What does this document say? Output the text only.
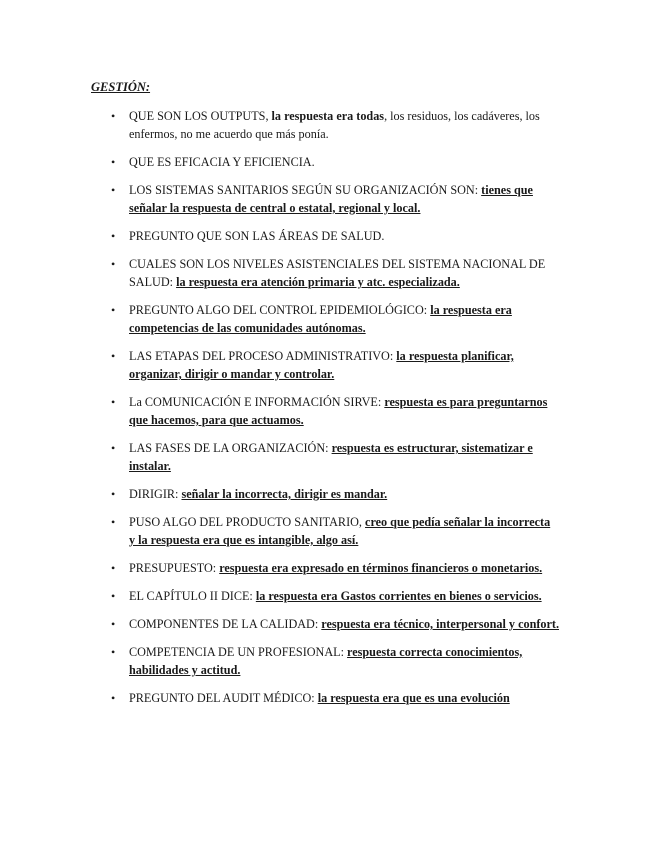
GESTIÓN:
• QUE SON LOS OUTPUTS, la respuesta era todas, los residuos, los cadáveres, los enfermos, no me acuerdo que más ponía.
• QUE ES EFICACIA Y EFICIENCIA.
• LOS SISTEMAS SANITARIOS SEGÚN SU ORGANIZACIÓN SON: tienes que señalar la respuesta de central o estatal, regional y local.
• PREGUNTO QUE SON LAS ÁREAS DE SALUD.
• CUALES SON LOS NIVELES ASISTENCIALES DEL SISTEMA NACIONAL DE SALUD: la respuesta era atención primaria y atc. especializada.
• PREGUNTO ALGO DEL CONTROL EPIDEMIOLÓGICO: la respuesta era competencias de las comunidades autónomas.
• LAS ETAPAS DEL PROCESO ADMINISTRATIVO: la respuesta planificar, organizar, dirigir o mandar y controlar.
• La COMUNICACIÓN E INFORMACIÓN SIRVE: respuesta es para preguntarnos que hacemos, para que actuamos.
• LAS FASES DE LA ORGANIZACIÓN: respuesta es estructurar, sistematizar e instalar.
• DIRIGIR: señalar la incorrecta, dirigir es mandar.
• PUSO ALGO DEL PRODUCTO SANITARIO, creo que pedía señalar la incorrecta y la respuesta era que es intangible, algo así.
• PRESUPUESTO: respuesta era expresado en términos financieros o monetarios.
• EL CAPÍTULO II DICE: la respuesta era Gastos corrientes en bienes o servicios.
• COMPONENTES DE LA CALIDAD: respuesta era técnico, interpersonal y confort.
• COMPETENCIA DE UN PROFESIONAL: respuesta correcta conocimientos, habilidades y actitud.
• PREGUNTO DEL AUDIT MÉDICO: la respuesta era que es una evolución
